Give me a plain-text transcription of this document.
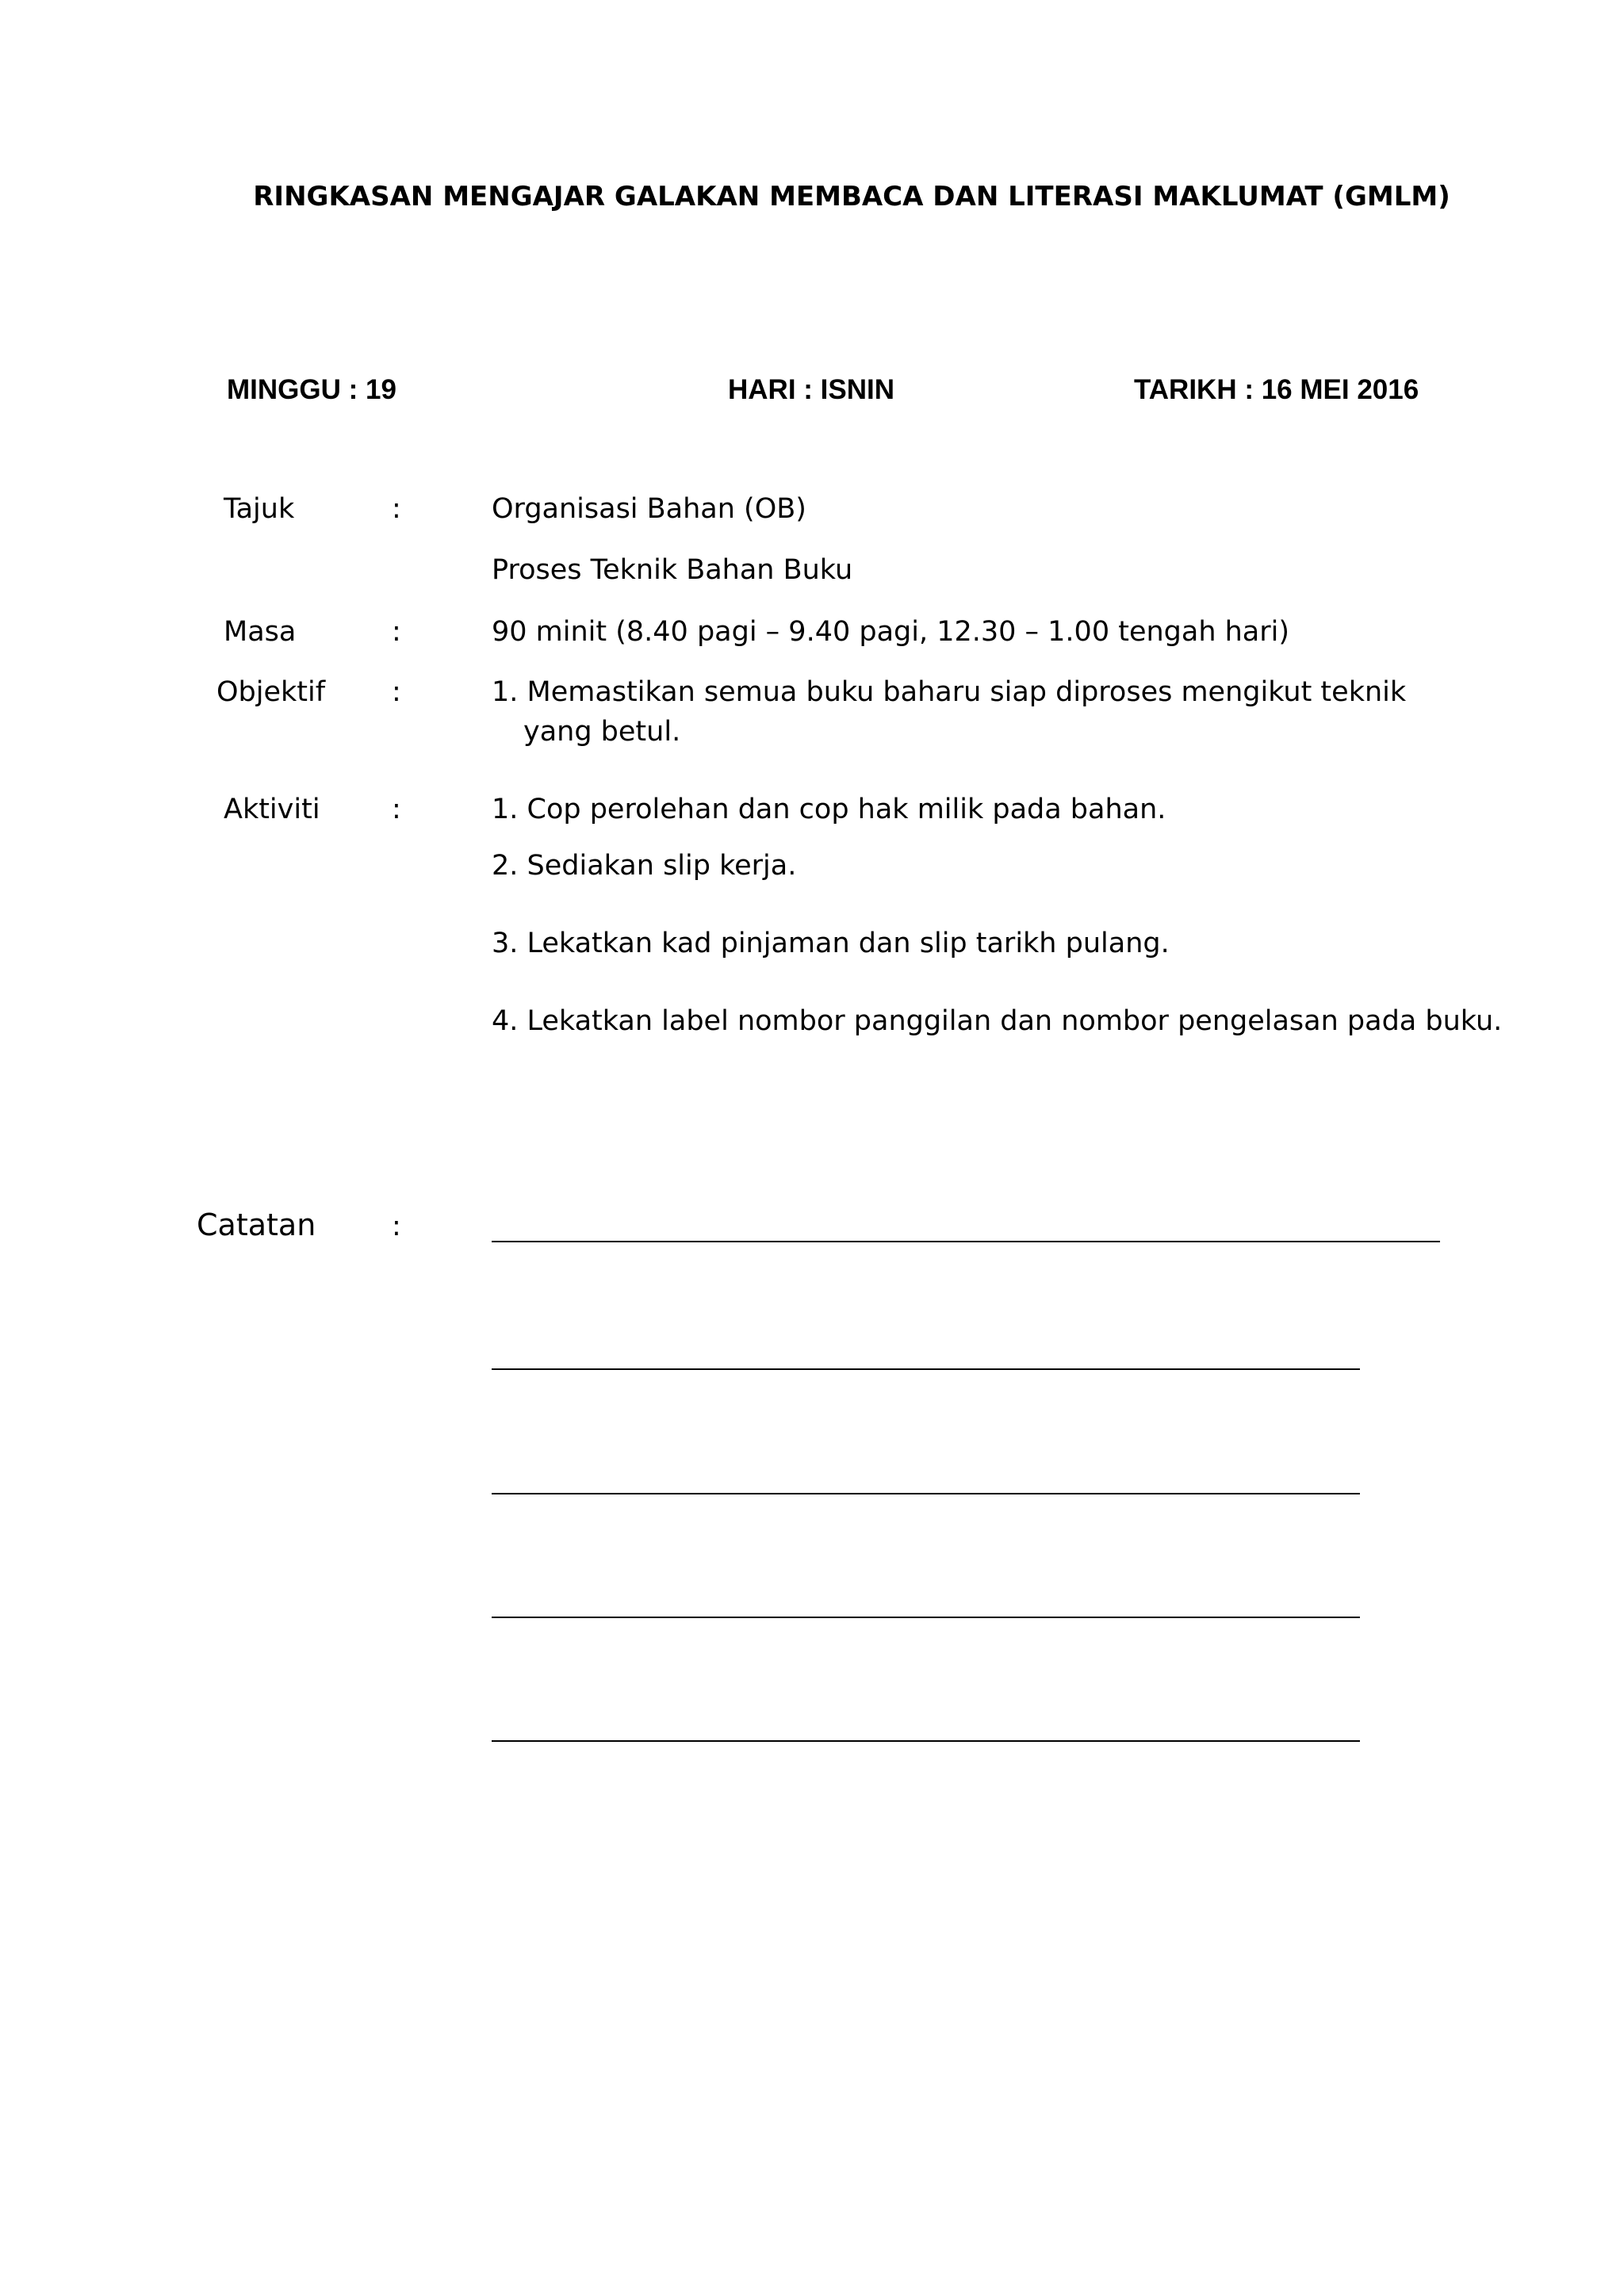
RINGKASAN MENGAJAR GALAKAN MEMBACA DAN LITERASI MAKLUMAT (GMLM)
MINGGU : 19	HARI : ISNIN	TARIKH : 16 MEI 2016
Tajuk	:	Organisasi Bahan (OB)
Proses Teknik Bahan Buku
Masa	:	90 minit (8.40 pagi – 9.40 pagi, 12.30 – 1.00 tengah hari)
Objektif :	1. Memastikan semua buku baharu siap diproses mengikut teknik yang betul.
Aktiviti	:	1. Cop perolehan dan cop hak milik pada bahan.
2. Sediakan slip kerja.
3. Lekatkan kad pinjaman dan slip tarikh pulang.
4. Lekatkan label nombor panggilan dan nombor pengelasan pada buku.
Catatan	:
